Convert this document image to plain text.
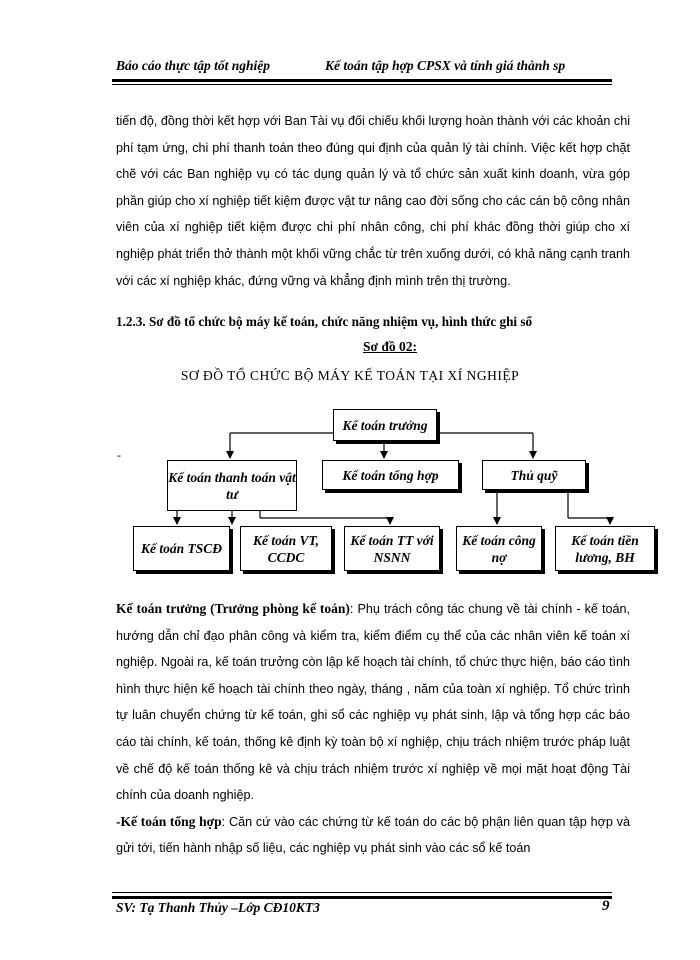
Báo cáo thực tập tốt nghiệp	Kế toán tập hợp CPSX và tính giá thành sp
tiến độ, đồng thời kết hợp với Ban Tài vụ đối chiếu khối lượng hoàn thành với các khoản chi phí tạm ứng, chi phí thanh toán theo đúng qui định của quản lý tài chính. Việc kết hợp chặt chẽ với các Ban nghiệp vụ có tác dụng quản lý và tổ chức sản xuất kinh doanh, vừa góp phần giúp cho xí nghiệp tiết kiệm được vật tư nâng cao đời sống cho các cán bộ công nhân viên của xí nghiệp tiết kiệm được chi phí nhân công, chi phí khác đồng thời giúp cho xí nghiệp phát triển thở thành một khối vững chắc từ trên xuống dưới, có khả năng cạnh tranh với các xí nghiệp khác, đứng vững và khẳng định mình trên thị trường.
1.2.3. Sơ đồ tổ chức bộ máy kế toán, chức năng nhiệm vụ, hình thức ghi sổ
Sơ đồ 02:
SƠ ĐỒ TỔ CHỨC BỘ MÁY KẾ TOÁN TẠI XÍ NGHIỆP
-
Kế toán trưởng
Kế toán thanh toán vật tư
Kế toán tổng hợp	Thủ quỹ
Kế toán TSCĐ
Kế toán VT, CCDC
Kế toán TT với NSNN
Kế toán công nợ
Kế toán tiền lương, BH
Kế toán trưởng (Trưởng phòng kế toán): Phụ trách công tác chung về tài chính - kế toán, hướng dẫn chỉ đạo phân công và kiểm tra, kiểm điểm cụ thể của các nhân viên kế toán xí nghiệp. Ngoài ra, kế toán trưởng còn lập kế hoạch tài chính, tổ chức thực hiện, báo cáo tình hình thực hiện kế hoạch tài chính theo ngày, tháng , năm của toàn xí nghiệp. Tổ chức trình tự luân chuyển chứng từ kế toán, ghi sổ các nghiệp vụ phát sinh, lập và tổng hợp các báo cáo tài chính, kế toán, thống kê định kỳ toàn bộ xí nghiệp, chịu trách nhiệm trước pháp luật về chế độ kế toán thống kê và chịu trách nhiệm trước xí nghiệp về mọi mặt hoạt động Tài chính của doanh nghiệp.
-Kế toán tổng hợp: Căn cứ vào các chứng từ kế toán do các bộ phận liên quan tập hợp và gửi tới, tiến hành nhập số liệu, các nghiệp vụ phát sinh vào các sổ kế toán
SV: Tạ Thanh Thủy –Lớp CĐ10KT3	9
